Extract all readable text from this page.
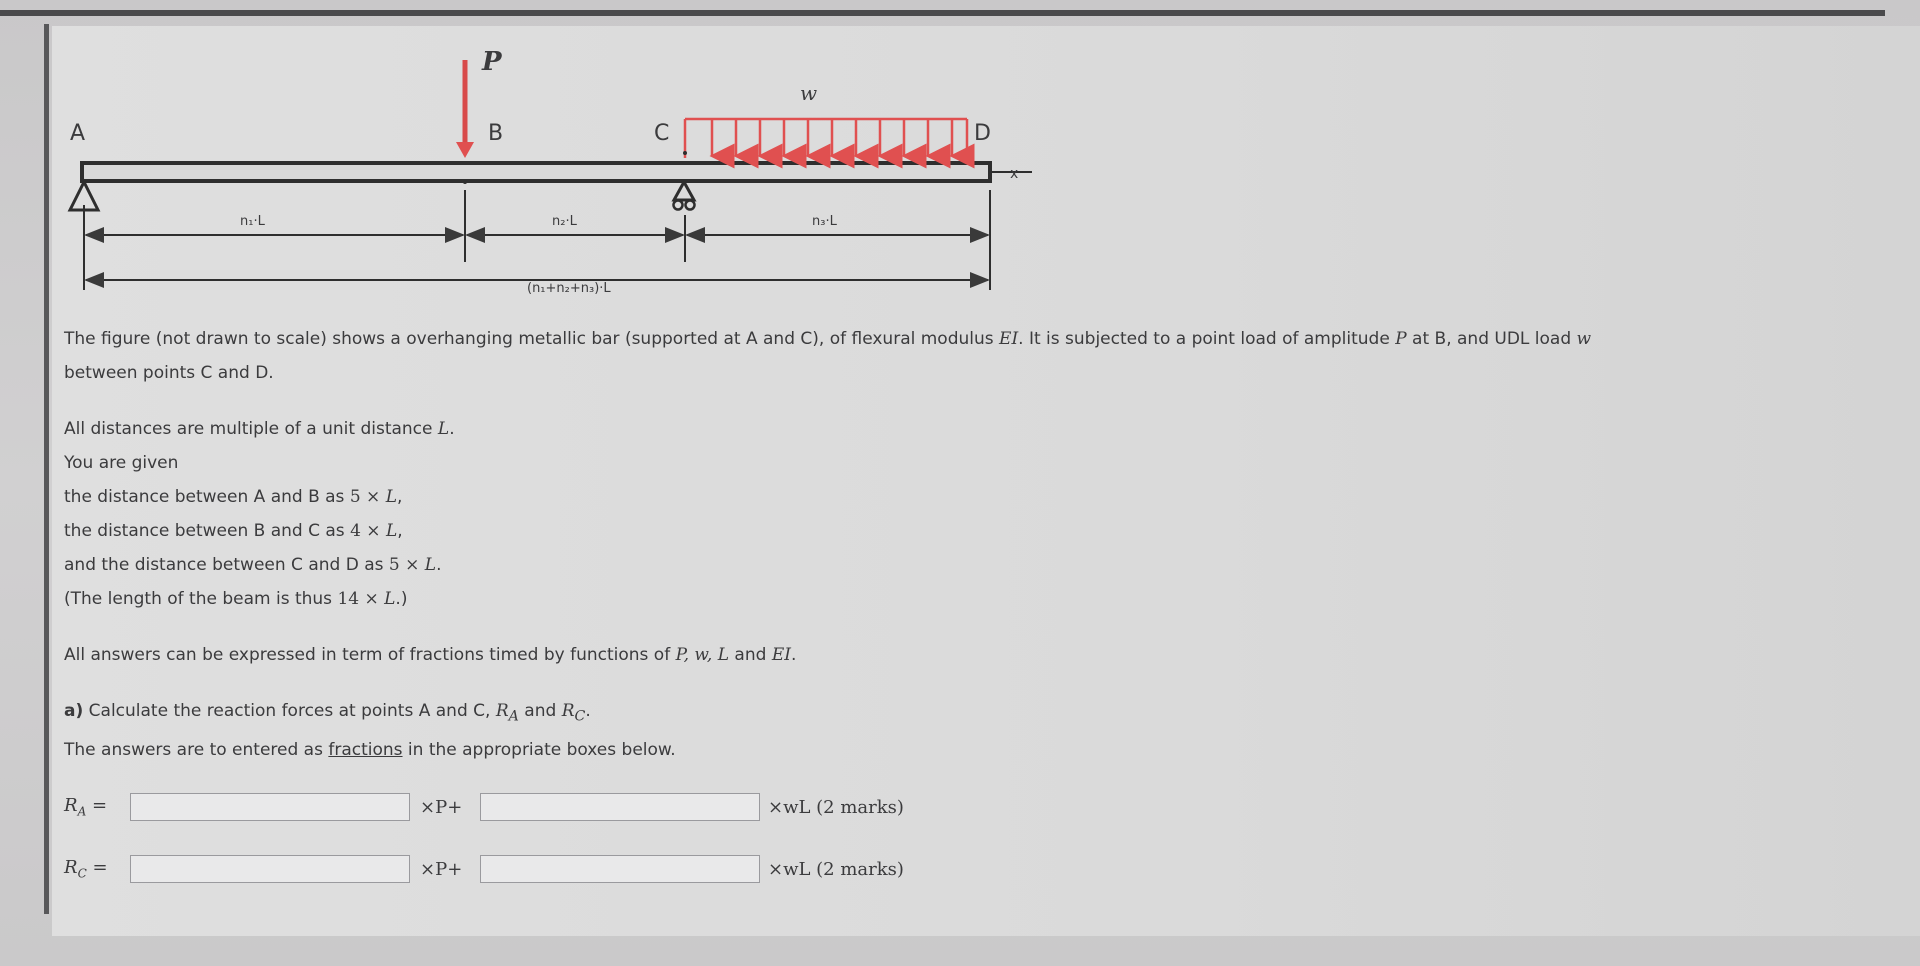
P
w
A	B	C	D
x
n₁·L	n₂·L	n₃·L
(n₁+n₂+n₃)·L

The figure (not drawn to scale) shows a overhanging metallic bar (supported at A and C), of flexural modulus EI. It is subjected to a point load of amplitude P at B, and UDL load w
between points C and D.

All distances are multiple of a unit distance L.
You are given
the distance between A and B as 5 × L,
the distance between B and C as 4 × L,
and the distance between C and D as 5 × L.
(The length of the beam is thus 14 × L.)
All answers can be expressed in term of fractions timed by functions of P, w, L and EI.
a) Calculate the reaction forces at points A and C, $R_A$ and $R_C$.
The answers are to entered as fractions in the appropriate boxes below.
$R_A$ =	×P+	×wL (2 marks)
$R_C$ =	×P+	×wL (2 marks)
